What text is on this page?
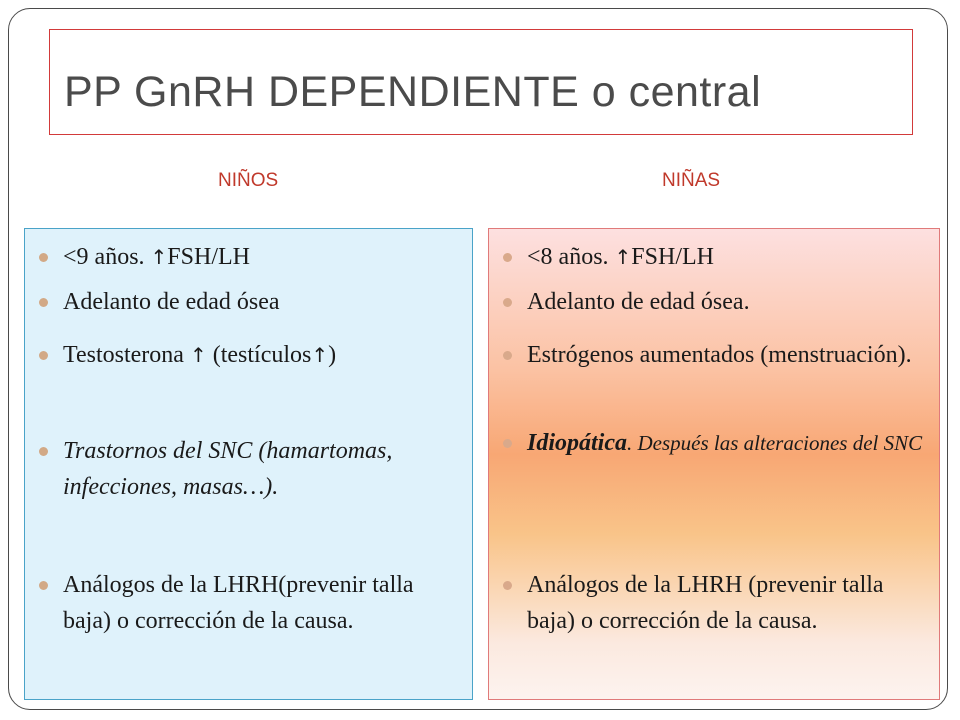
PP GnRH DEPENDIENTE o central
NIÑOS	NIÑAS
<9 años. ↑FSH/LH
Adelanto de edad ósea
Testosterona ↑ (testículos↑)
Trastornos del SNC (hamartomas, infecciones, masas…).
Análogos de la LHRH(prevenir talla baja) o corrección de la causa.
<8 años. ↑FSH/LH
Adelanto de edad ósea.
Estrógenos aumentados (menstruación).
Idiopática. Después las alteraciones del SNC
Análogos de la LHRH (prevenir talla baja) o corrección de la causa.
